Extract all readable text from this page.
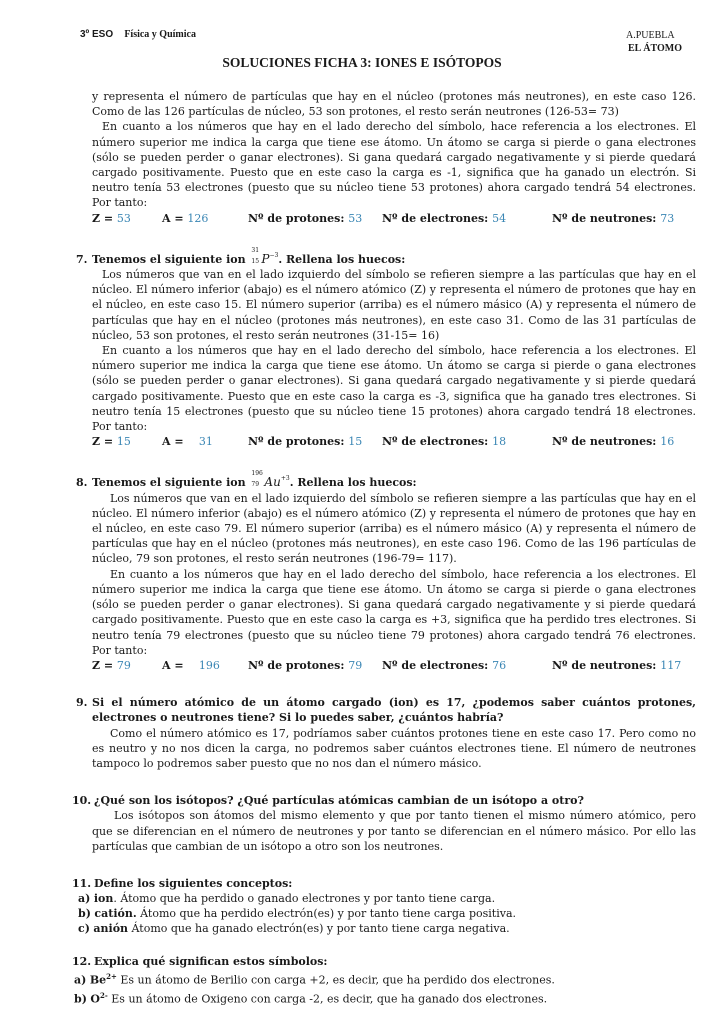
3º ESO Física y Química	A.PUEBLA
EL ÁTOMO
SOLUCIONES FICHA 3: IONES E ISÓTOPOS

y representa el número de partículas que hay en el núcleo (protones más neutrones), en este caso 126. Como de las 126 partículas de núcleo, 53 son protones, el resto serán neutrones (126-53= 73)

En cuanto a los números que hay en el lado derecho del símbolo, hace referencia a los electrones. El número superior me indica la carga que tiene ese átomo. Un átomo se carga si pierde o gana electrones (sólo se pueden perder o ganar electrones). Si gana quedará cargado negativamente y si pierde quedará cargado positivamente. Puesto que en este caso la carga es -1, significa que ha ganado un electrón. Si neutro tenía 53 electrones (puesto que su núcleo tiene 53 protones) ahora cargado tendrá 54 electrones. Por tanto:

Z = 53	A = 126	Nº de protones: 53	Nº de electrones: 54	Nº de neutrones: 73
7. Tenemos el siguiente ion
31
15 $P^{-3}$. Rellena los huecos:

Los números que van en el lado izquierdo del símbolo se refieren siempre a las partículas que hay en el núcleo. El número inferior (abajo) es el número atómico (Z) y representa el número de protones que hay en el núcleo, en este caso 15. El número superior (arriba) es el número másico (A) y representa el número de partículas que hay en el núcleo (protones más neutrones), en este caso 31. Como de las 31 partículas de núcleo, 53 son protones, el resto serán neutrones (31-15= 16)

En cuanto a los números que hay en el lado derecho del símbolo, hace referencia a los electrones. El número superior me indica la carga que tiene ese átomo. Un átomo se carga si pierde o gana electrones (sólo se pueden perder o ganar electrones). Si gana quedará cargado negativamente y si pierde quedará cargado positivamente. Puesto que en este caso la carga es -3, significa que ha ganado tres electrones. Si neutro tenía 15 electrones (puesto que su núcleo tiene 15 protones) ahora cargado tendrá 18 electrones. Por tanto:

Z = 15	A =    31	Nº de protones: 15	Nº de electrones: 18	Nº de neutrones: 16
8. Tenemos el siguiente ion
196
79 $Au^{+3}$. Rellena los huecos:

Los números que van en el lado izquierdo del símbolo se refieren siempre a las partículas que hay en el núcleo. El número inferior (abajo) es el número atómico (Z) y representa el número de protones que hay en el núcleo, en este caso 79. El número superior (arriba) es el número másico (A) y representa el número de partículas que hay en el núcleo (protones más neutrones), en este caso 196. Como de las 196 partículas de núcleo, 79 son protones, el resto serán neutrones (196-79= 117).

En cuanto a los números que hay en el lado derecho del símbolo, hace referencia a los electrones. El número superior me indica la carga que tiene ese átomo. Un átomo se carga si pierde o gana electrones (sólo se pueden perder o ganar electrones). Si gana quedará cargado negativamente y si pierde quedará cargado positivamente. Puesto que en este caso la carga es +3, significa que ha perdido tres electrones. Si neutro tenía 79 electrones (puesto que su núcleo tiene 79 protones) ahora cargado tendrá 76 electrones. Por tanto:

Z = 79	A =    196	Nº de protones: 79	Nº de electrones: 76	Nº de neutrones: 117

9. Si el número atómico de un átomo cargado (ion) es 17, ¿podemos saber cuántos protones, electrones o neutrones tiene? Si lo puedes saber, ¿cuántos habría?

Como el número atómico es 17, podríamos saber cuántos protones tiene en este caso 17. Pero como no es neutro y no nos dicen la carga, no podremos saber cuántos electrones tiene. El número de neutrones tampoco lo podremos saber puesto que no nos dan el número másico.

10. ¿Qué son los isótopos? ¿Qué partículas atómicas cambian de un isótopo a otro?

Los isótopos son átomos del mismo elemento y que por tanto tienen el mismo número atómico, pero que se diferencian en el número de neutrones y por tanto se diferencian en el número másico. Por ello las partículas que cambian de un isótopo a otro son los neutrones.

11. Define los siguientes conceptos:
a) ion. Átomo que ha perdido o ganado electrones y por tanto tiene carga.
b) catión. Átomo que ha perdido electrón(es) y por tanto tiene carga positiva.
c) anión Átomo que ha ganado electrón(es) y por tanto tiene carga negativa.
12. Explica qué significan estos símbolos:
a) $Be^{2+}$ Es un átomo de Berilio con carga +2, es decir, que ha perdido dos electrones.
b) $O^{2-}$ Es un átomo de Oxigeno con carga -2, es decir, que ha ganado dos electrones.
